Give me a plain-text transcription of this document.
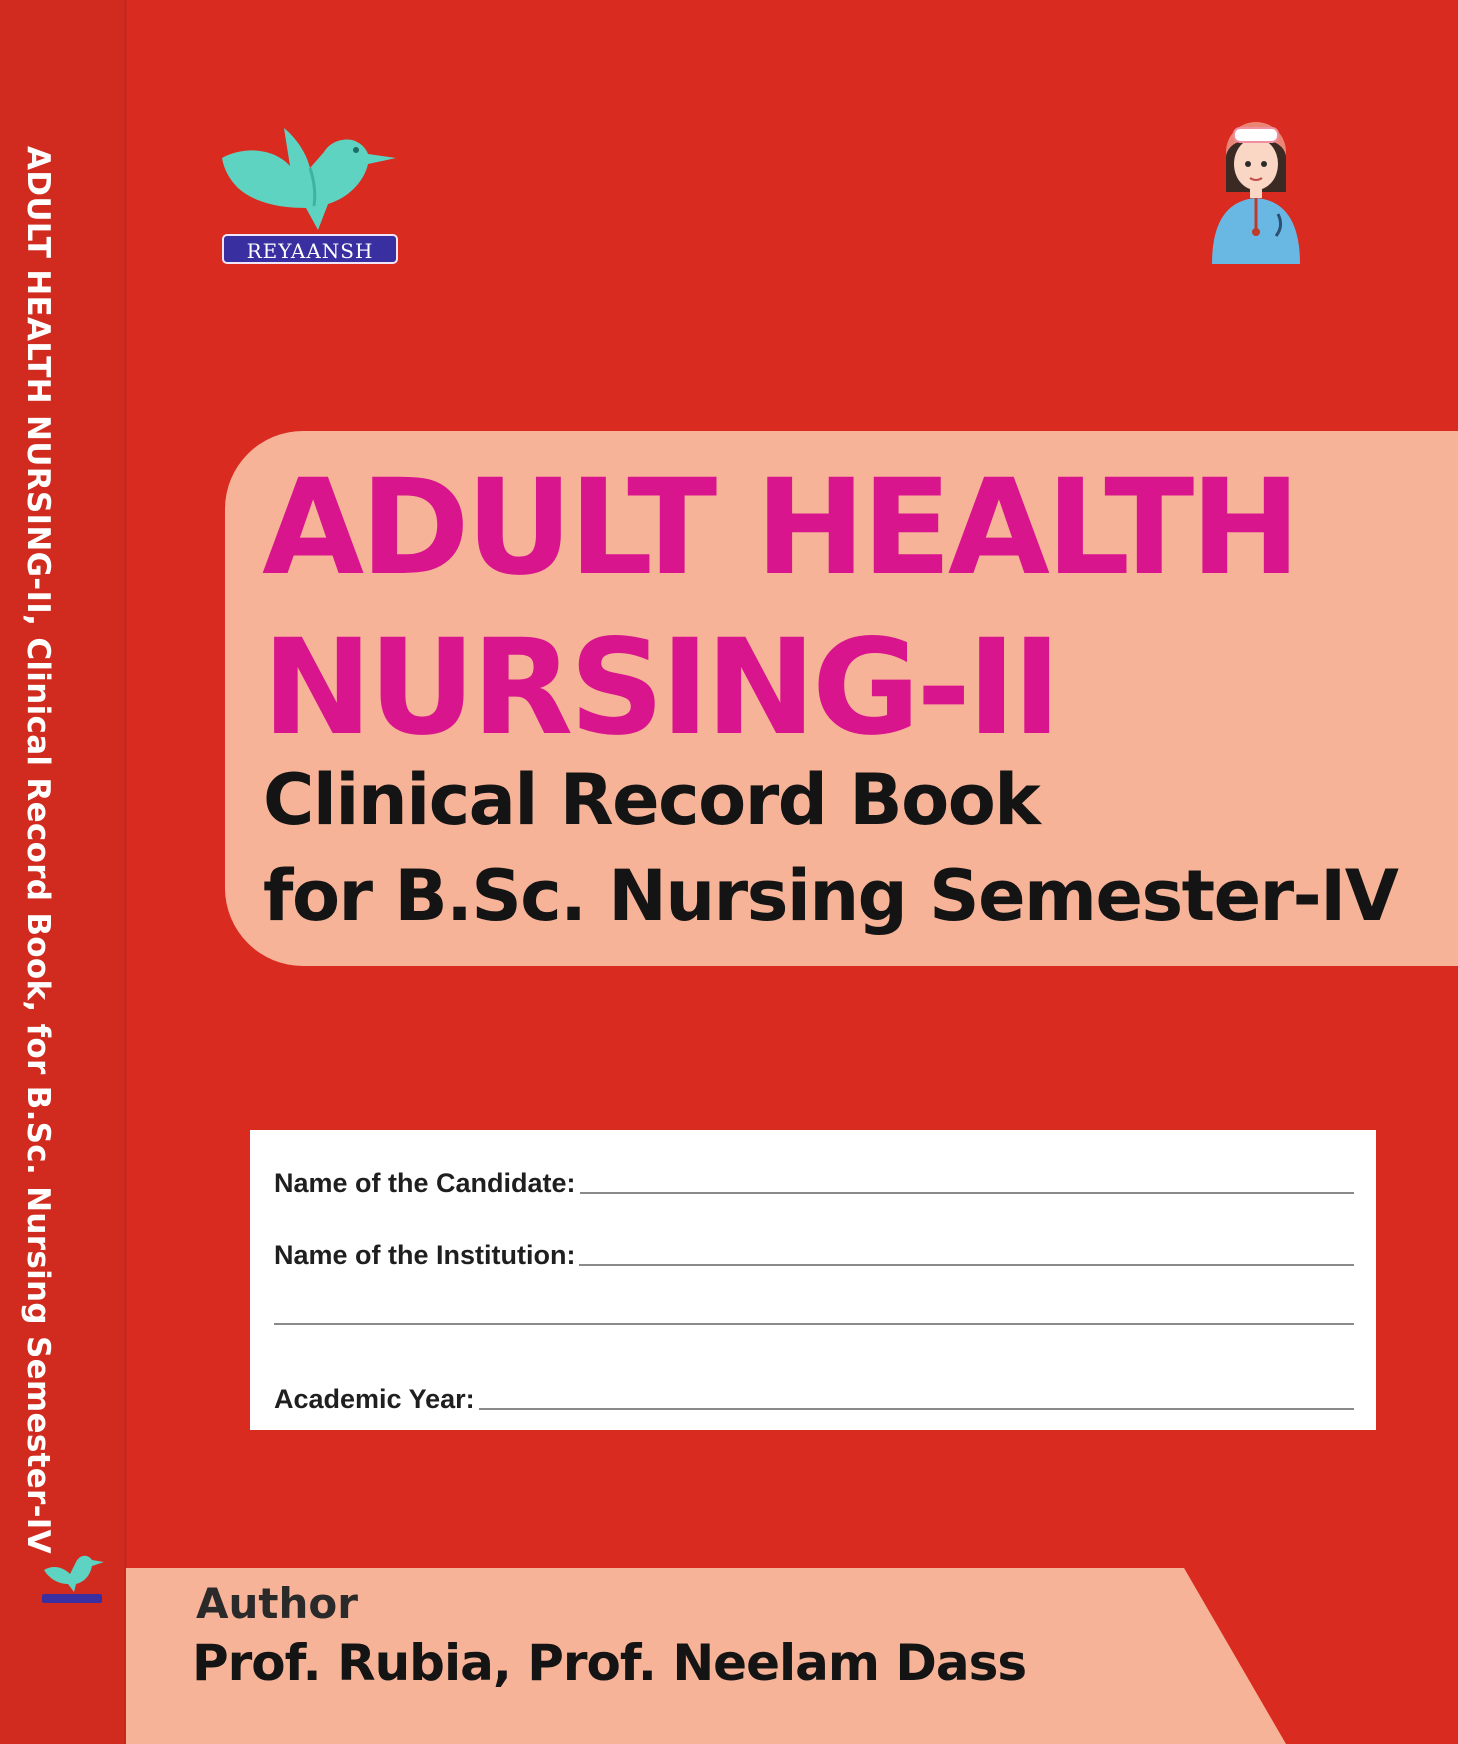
ADULT HEALTH NURSING-II, Clinical Record Book, for B.Sc. Nursing Semester-IV	REYAANSH
ADULT HEALTH
NURSING-II
Clinical Record Book
for B.Sc. Nursing Semester-IV
Name of the Candidate:
Name of the Institution:
Academic Year:
Author
Prof. Rubia, Prof. Neelam Dass
